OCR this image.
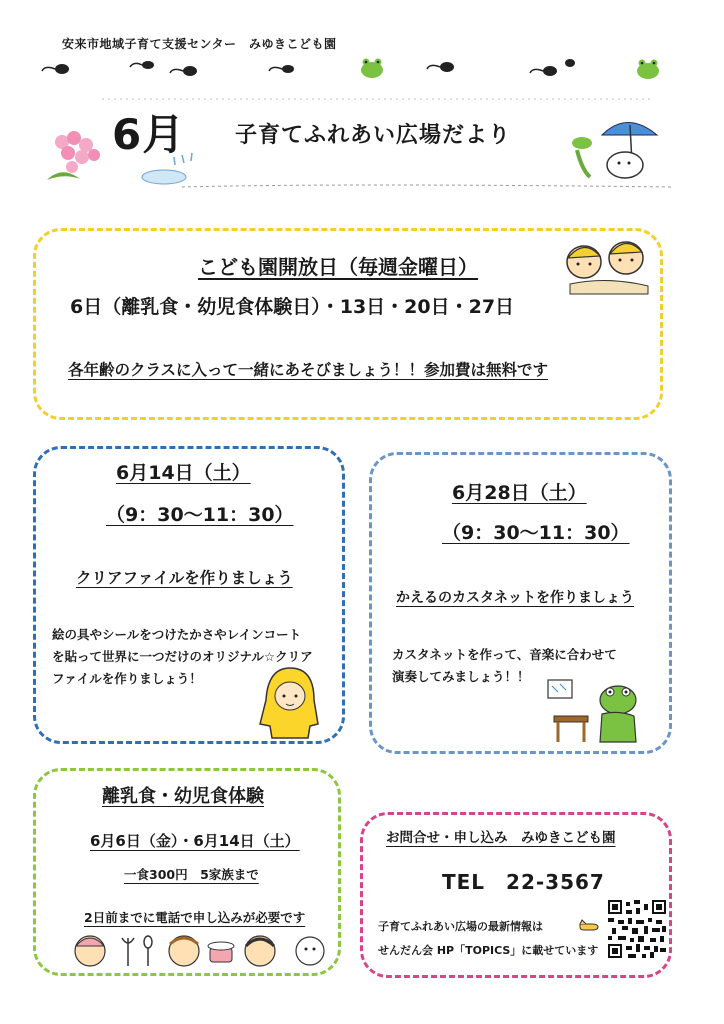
安来市地域子育て支援センター　みゆきこども園
6月 子育てふれあい広場だより
こども園開放日（毎週金曜日）
6日（離乳食・幼児食体験日）・13日・20日・27日
各年齢のクラスに入って一緒にあそびましょう！！参加費は無料です
6月14日（土）
（9：30〜11：30）
クリアファイルを作りましょう
絵の具やシールをつけたかさやレインコート
を貼って世界に一つだけのオリジナル☆クリア
ファイルを作りましょう！
6月28日（土）
（9：30〜11：30）
かえるのカスタネットを作りましょう
カスタネットを作って、音楽に合わせて
演奏してみましょう！！
離乳食・幼児食体験
6月6日（金）・6月14日（土）
一食300円　5家族まで
2日前までに電話で申し込みが必要です
お問合せ・申し込み　みゆきこども園
TEL　22-3567
子育てふれあい広場の最新情報は
せんだん会 HP「TOPICS」に載せています
